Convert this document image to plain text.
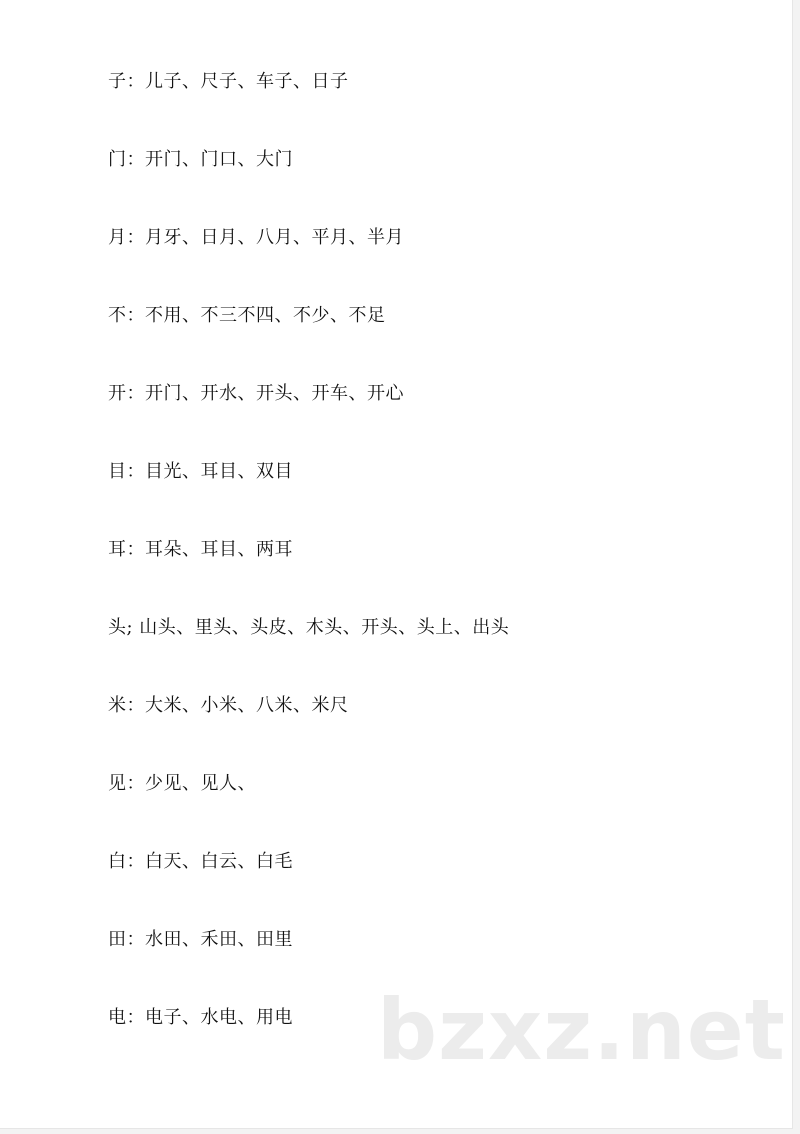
子：儿子、尺子、车子、日子
门：开门、门口、大门
月：月牙、日月、八月、平月、半月
不：不用、不三不四、不少、不足
开：开门、开水、开头、开车、开心
目：目光、耳目、双目
耳：耳朵、耳目、两耳
头; 山头、里头、头皮、木头、开头、头上、出头
米：大米、小米、八米、米尺
见：少见、见人、
白：白天、白云、白毛
田：水田、禾田、田里
电：电子、水电、用电 bzxz.net
